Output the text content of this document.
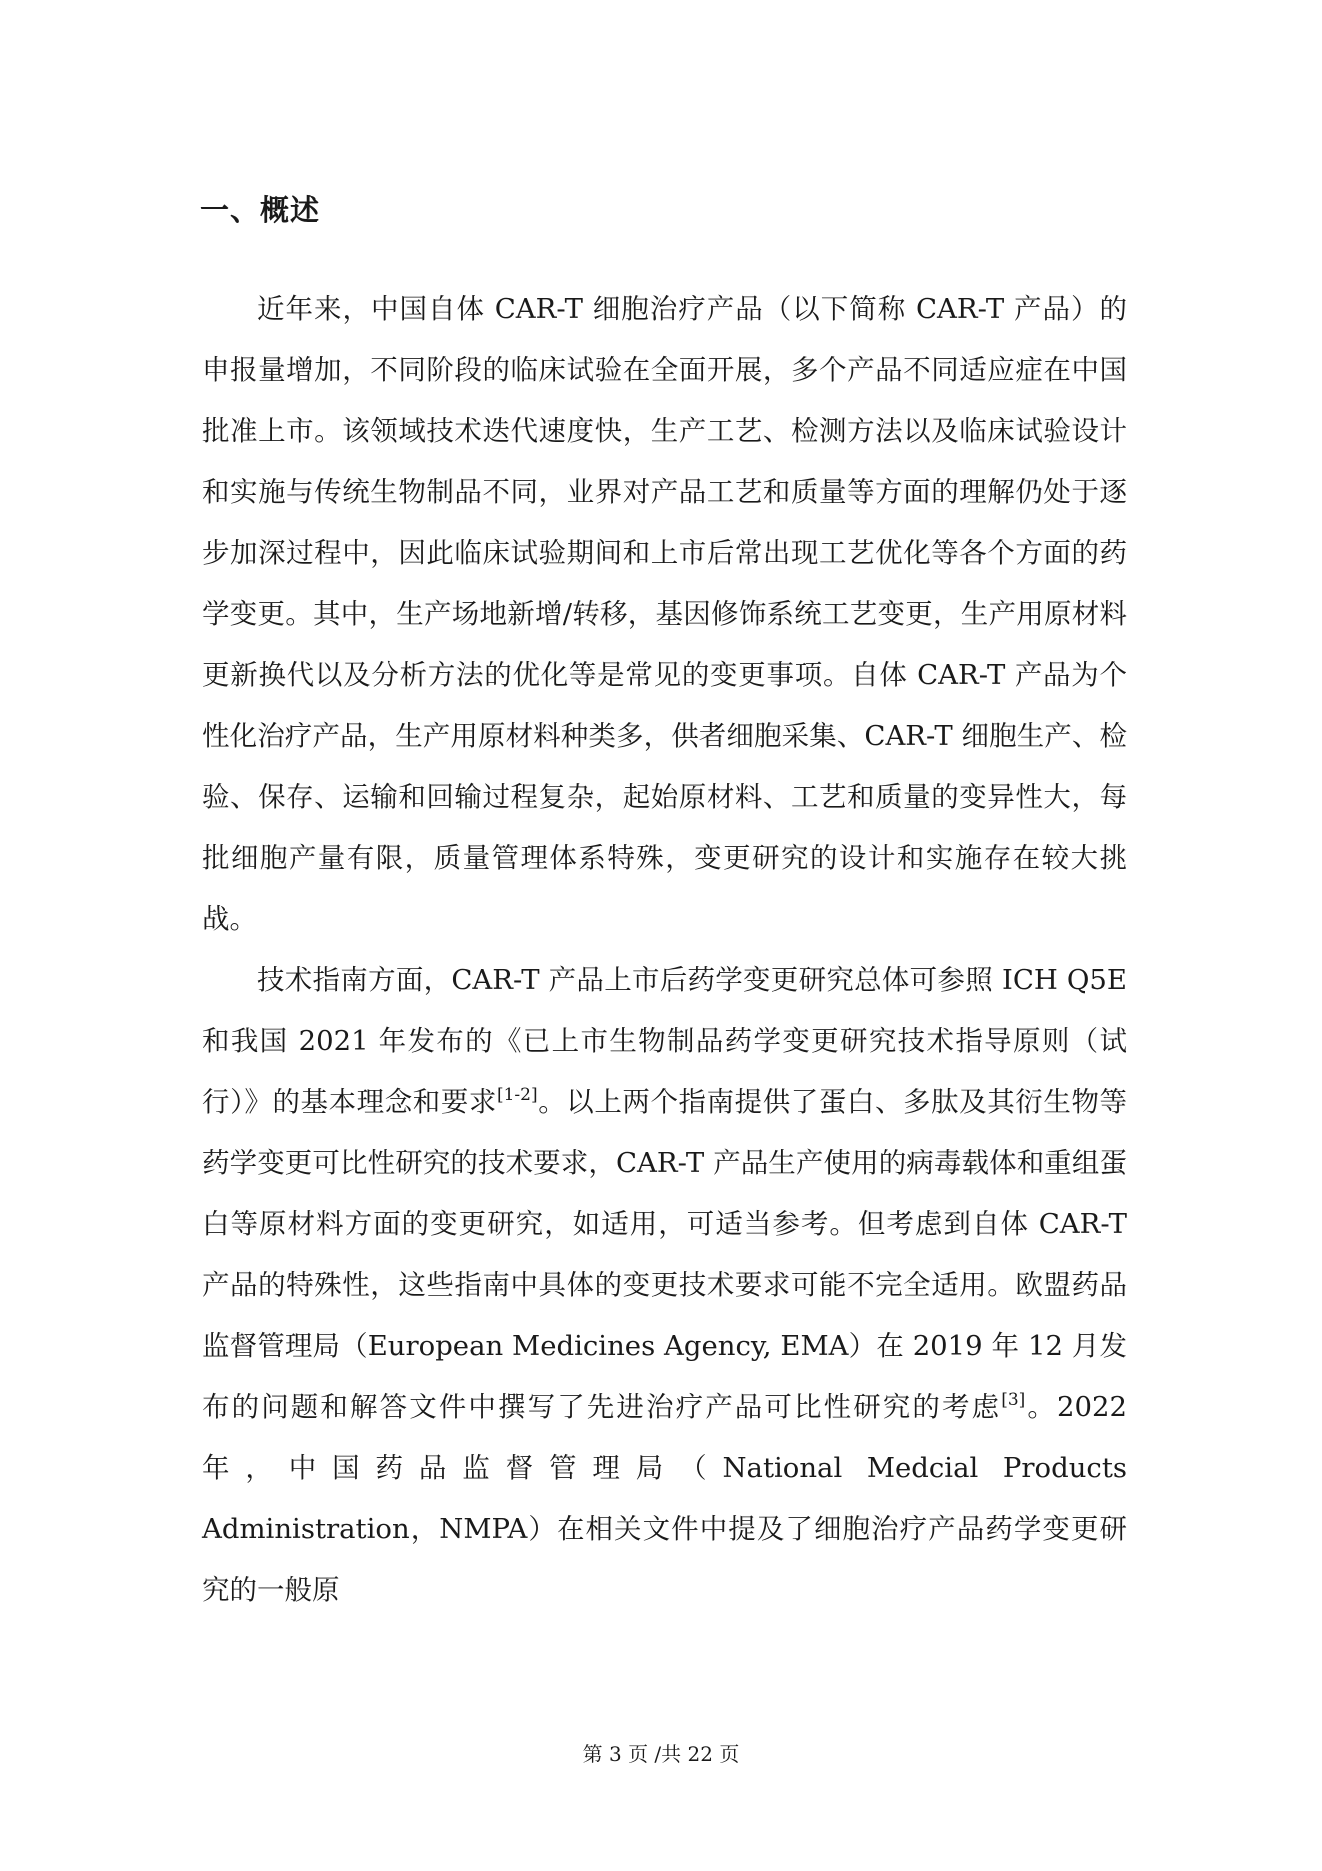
一、概述

近年来，中国自体 CAR-T 细胞治疗产品（以下简称 CAR-T 产品）的申报量增加，不同阶段的临床试验在全面开展，多个产品不同适应症在中国批准上市。该领域技术迭代速度快，生产工艺、检测方法以及临床试验设计和实施与传统生物制品不同，业界对产品工艺和质量等方面的理解仍处于逐步加深过程中，因此临床试验期间和上市后常出现工艺优化等各个方面的药学变更。其中，生产场地新增/转移，基因修饰系统工艺变更，生产用原材料更新换代以及分析方法的优化等是常见的变更事项。自体 CAR-T 产品为个性化治疗产品，生产用原材料种类多，供者细胞采集、CAR-T 细胞生产、检验、保存、运输和回输过程复杂，起始原材料、工艺和质量的变异性大，每批细胞产量有限，质量管理体系特殊，变更研究的设计和实施存在较大挑战。

技术指南方面，CAR-T 产品上市后药学变更研究总体可参照 ICH Q5E 和我国 2021 年发布的《已上市生物制品药学变更研究技术指导原则（试行）》的基本理念和要求[1-2]。以上两个指南提供了蛋白、多肽及其衍生物等药学变更可比性研究的技术要求，CAR-T 产品生产使用的病毒载体和重组蛋白等原材料方面的变更研究，如适用，可适当参考。但考虑到自体 CAR-T 产品的特殊性，这些指南中具体的变更技术要求可能不完全适用。欧盟药品监督管理局（European Medicines Agency, EMA）在 2019 年 12 月发布的问题和解答文件中撰写了先进治疗产品可比性研究的考虑[3]。2022 年，中国药品监督管理局（National Medcial Products Administration，NMPA）在相关文件中提及了细胞治疗产品药学变更研究的一般原

第 3 页 /共 22 页
